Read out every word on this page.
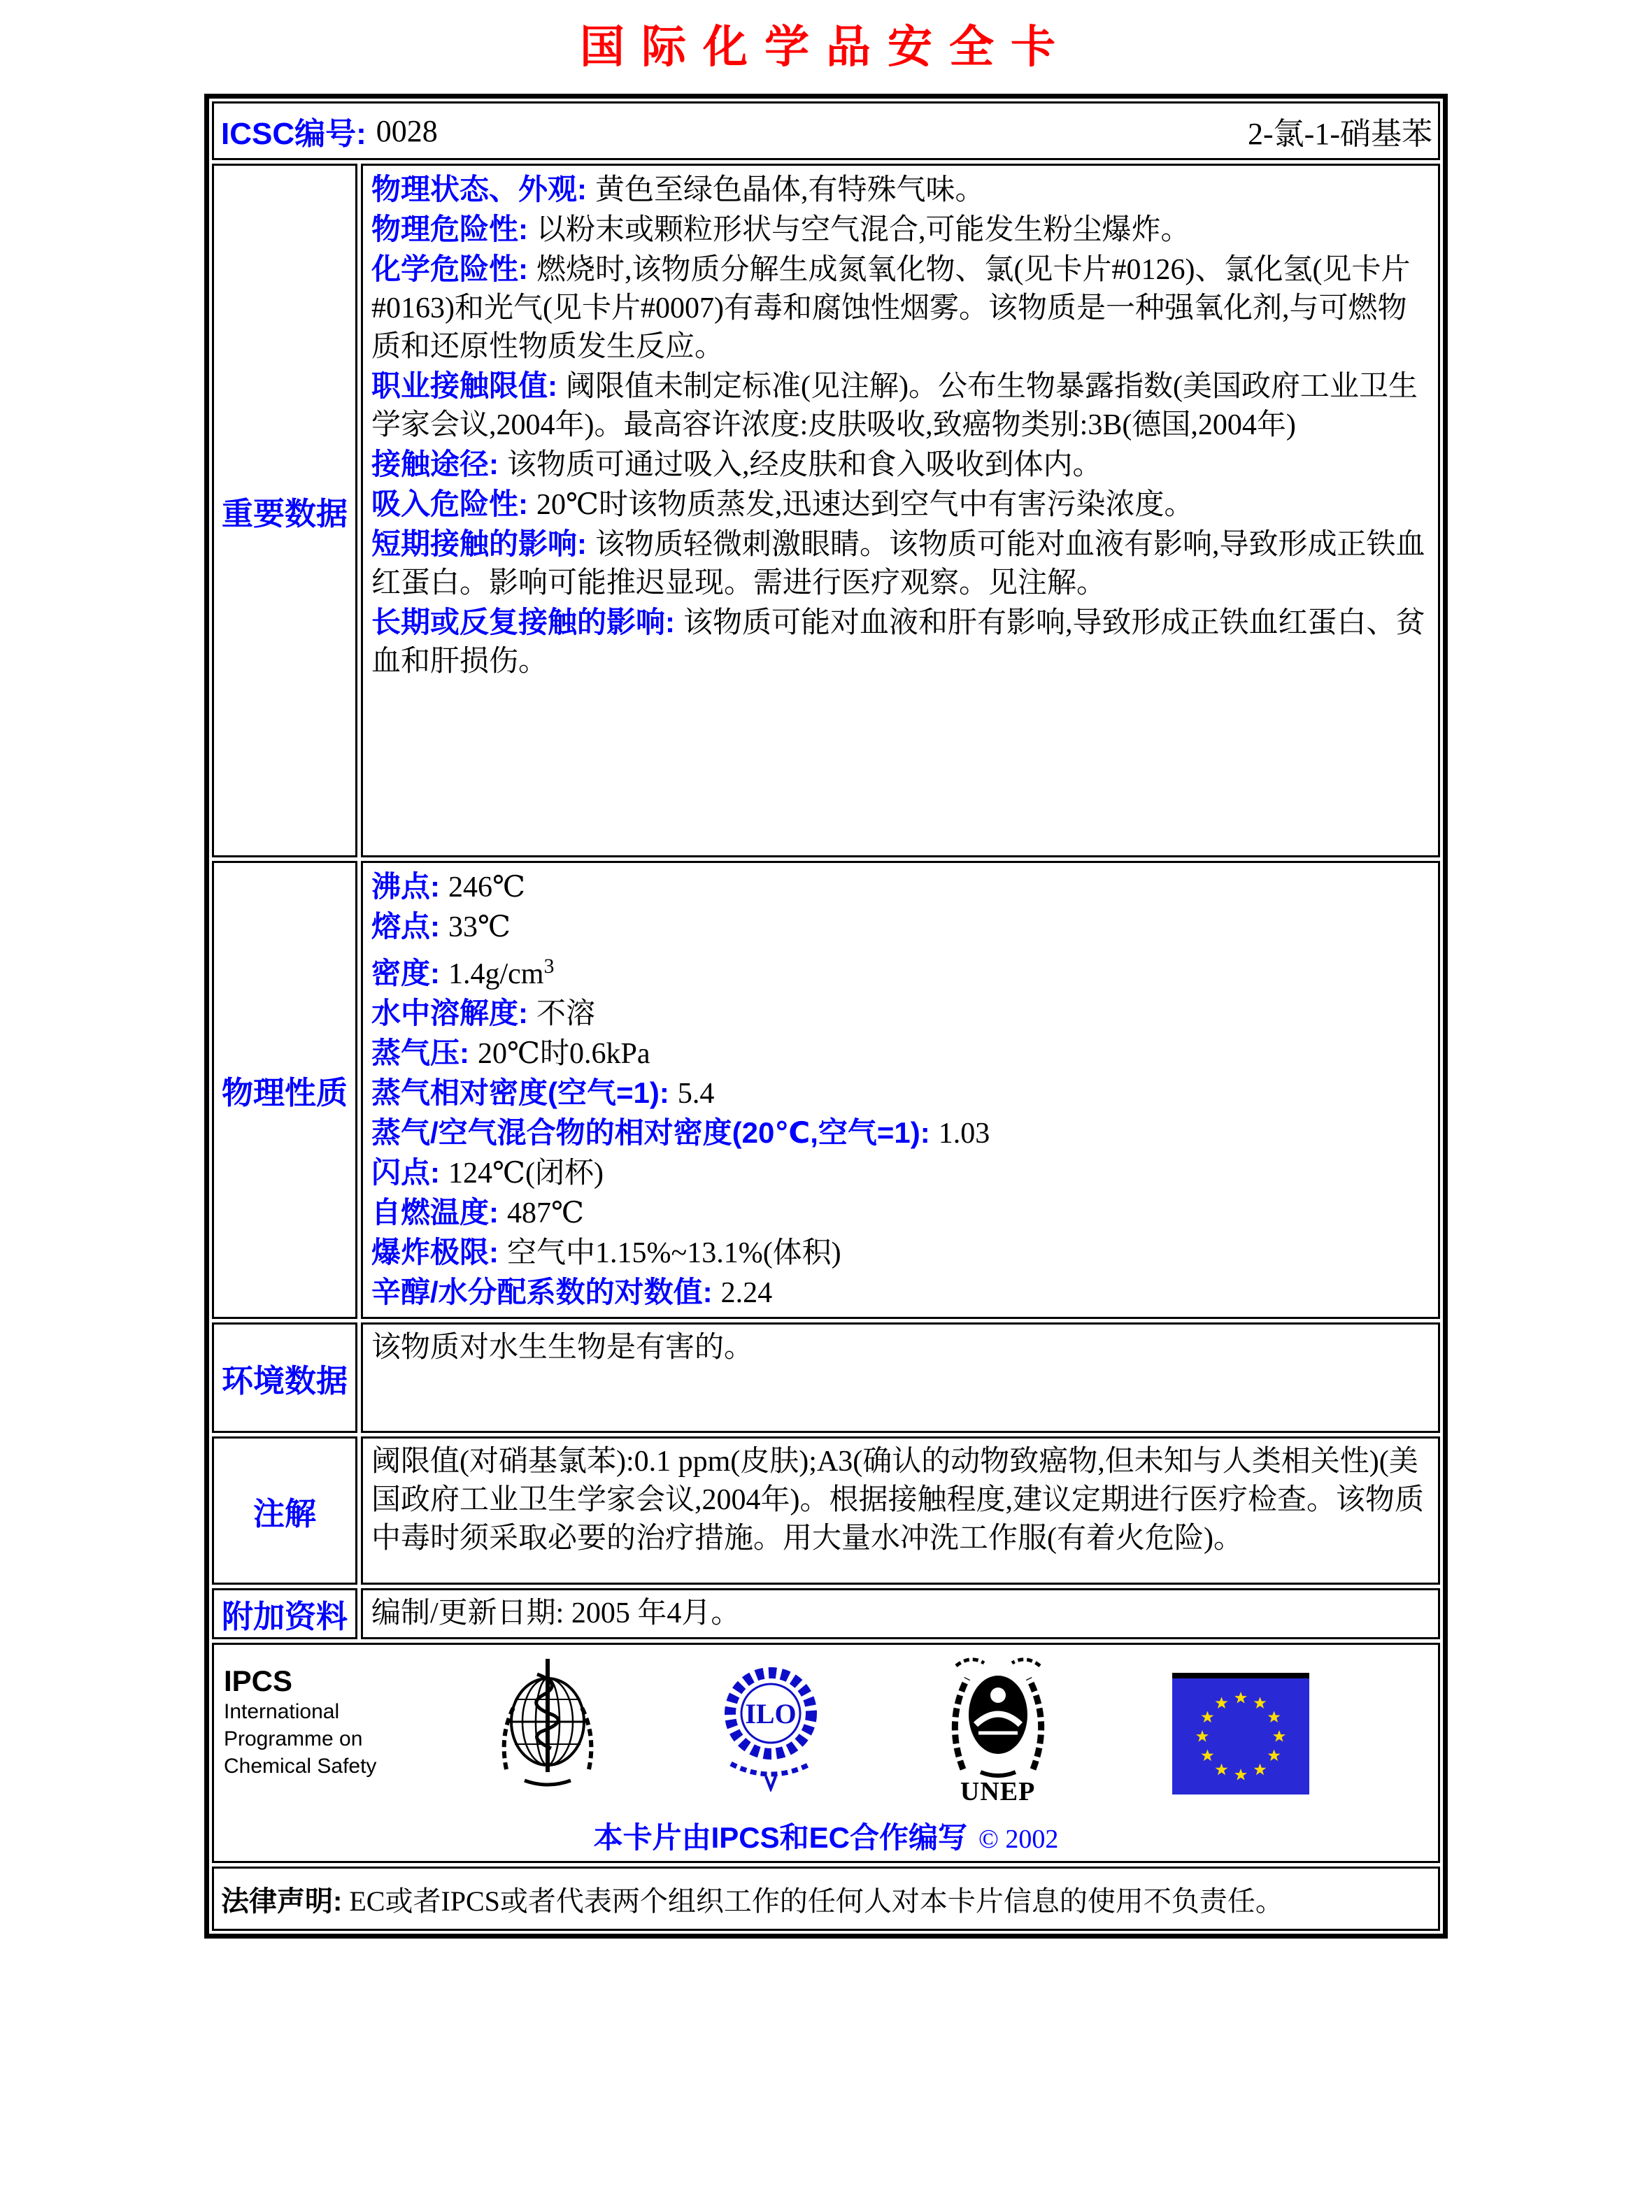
国际化学品安全卡
ICSC编号: 0028	2-氯-1-硝基苯
重要数据

物理状态、外观: 黄色至绿色晶体,有特殊气味。

物理危险性: 以粉末或颗粒形状与空气混合,可能发生粉尘爆炸。

化学危险性: 燃烧时,该物质分解生成氮氧化物、氯(见卡片#0126)、氯化氢(见卡片#0163)和光气(见卡片#0007)有毒和腐蚀性烟雾。该物质是一种强氧化剂,与可燃物质和还原性物质发生反应。

职业接触限值: 阈限值未制定标准(见注解)。公布生物暴露指数(美国政府工业卫生学家会议,2004年)。最高容许浓度:皮肤吸收,致癌物类别:3B(德国,2004年)

接触途径: 该物质可通过吸入,经皮肤和食入吸收到体内。

吸入危险性: 20℃时该物质蒸发,迅速达到空气中有害污染浓度。

短期接触的影响: 该物质轻微刺激眼睛。该物质可能对血液有影响,导致形成正铁血红蛋白。影响可能推迟显现。需进行医疗观察。见注解。

长期或反复接触的影响: 该物质可能对血液和肝有影响,导致形成正铁血红蛋白、贫血和肝损伤。

物理性质

沸点: 246℃

熔点: 33℃

密度: $1.4g/cm^3$

水中溶解度: 不溶

蒸气压: 20℃时0.6kPa

蒸气相对密度(空气=1): 5.4

蒸气/空气混合物的相对密度(20℃,空气=1): 1.03

闪点: 124℃(闭杯)

自燃温度: 487℃

爆炸极限: 空气中1.15%~13.1%(体积)

辛醇/水分配系数的对数值: 2.24

环境数据

该物质对水生生物是有害的。

注解

阈限值(对硝基氯苯):0.1 ppm(皮肤);A3(确认的动物致癌物,但未知与人类相关性)(美国政府工业卫生学家会议,2004年)。根据接触程度,建议定期进行医疗检查。该物质中毒时须采取必要的治疗措施。用大量水冲洗工作服(有着火危险)。

附加资料 编制/更新日期: 2005 年4月。

IPCS
International
Programme on
Chemical Safety
ILO
UNEP
本卡片由IPCS和EC合作编写 © 2002
法律声明: EC或者IPCS或者代表两个组织工作的任何人对本卡片信息的使用不负责任。
